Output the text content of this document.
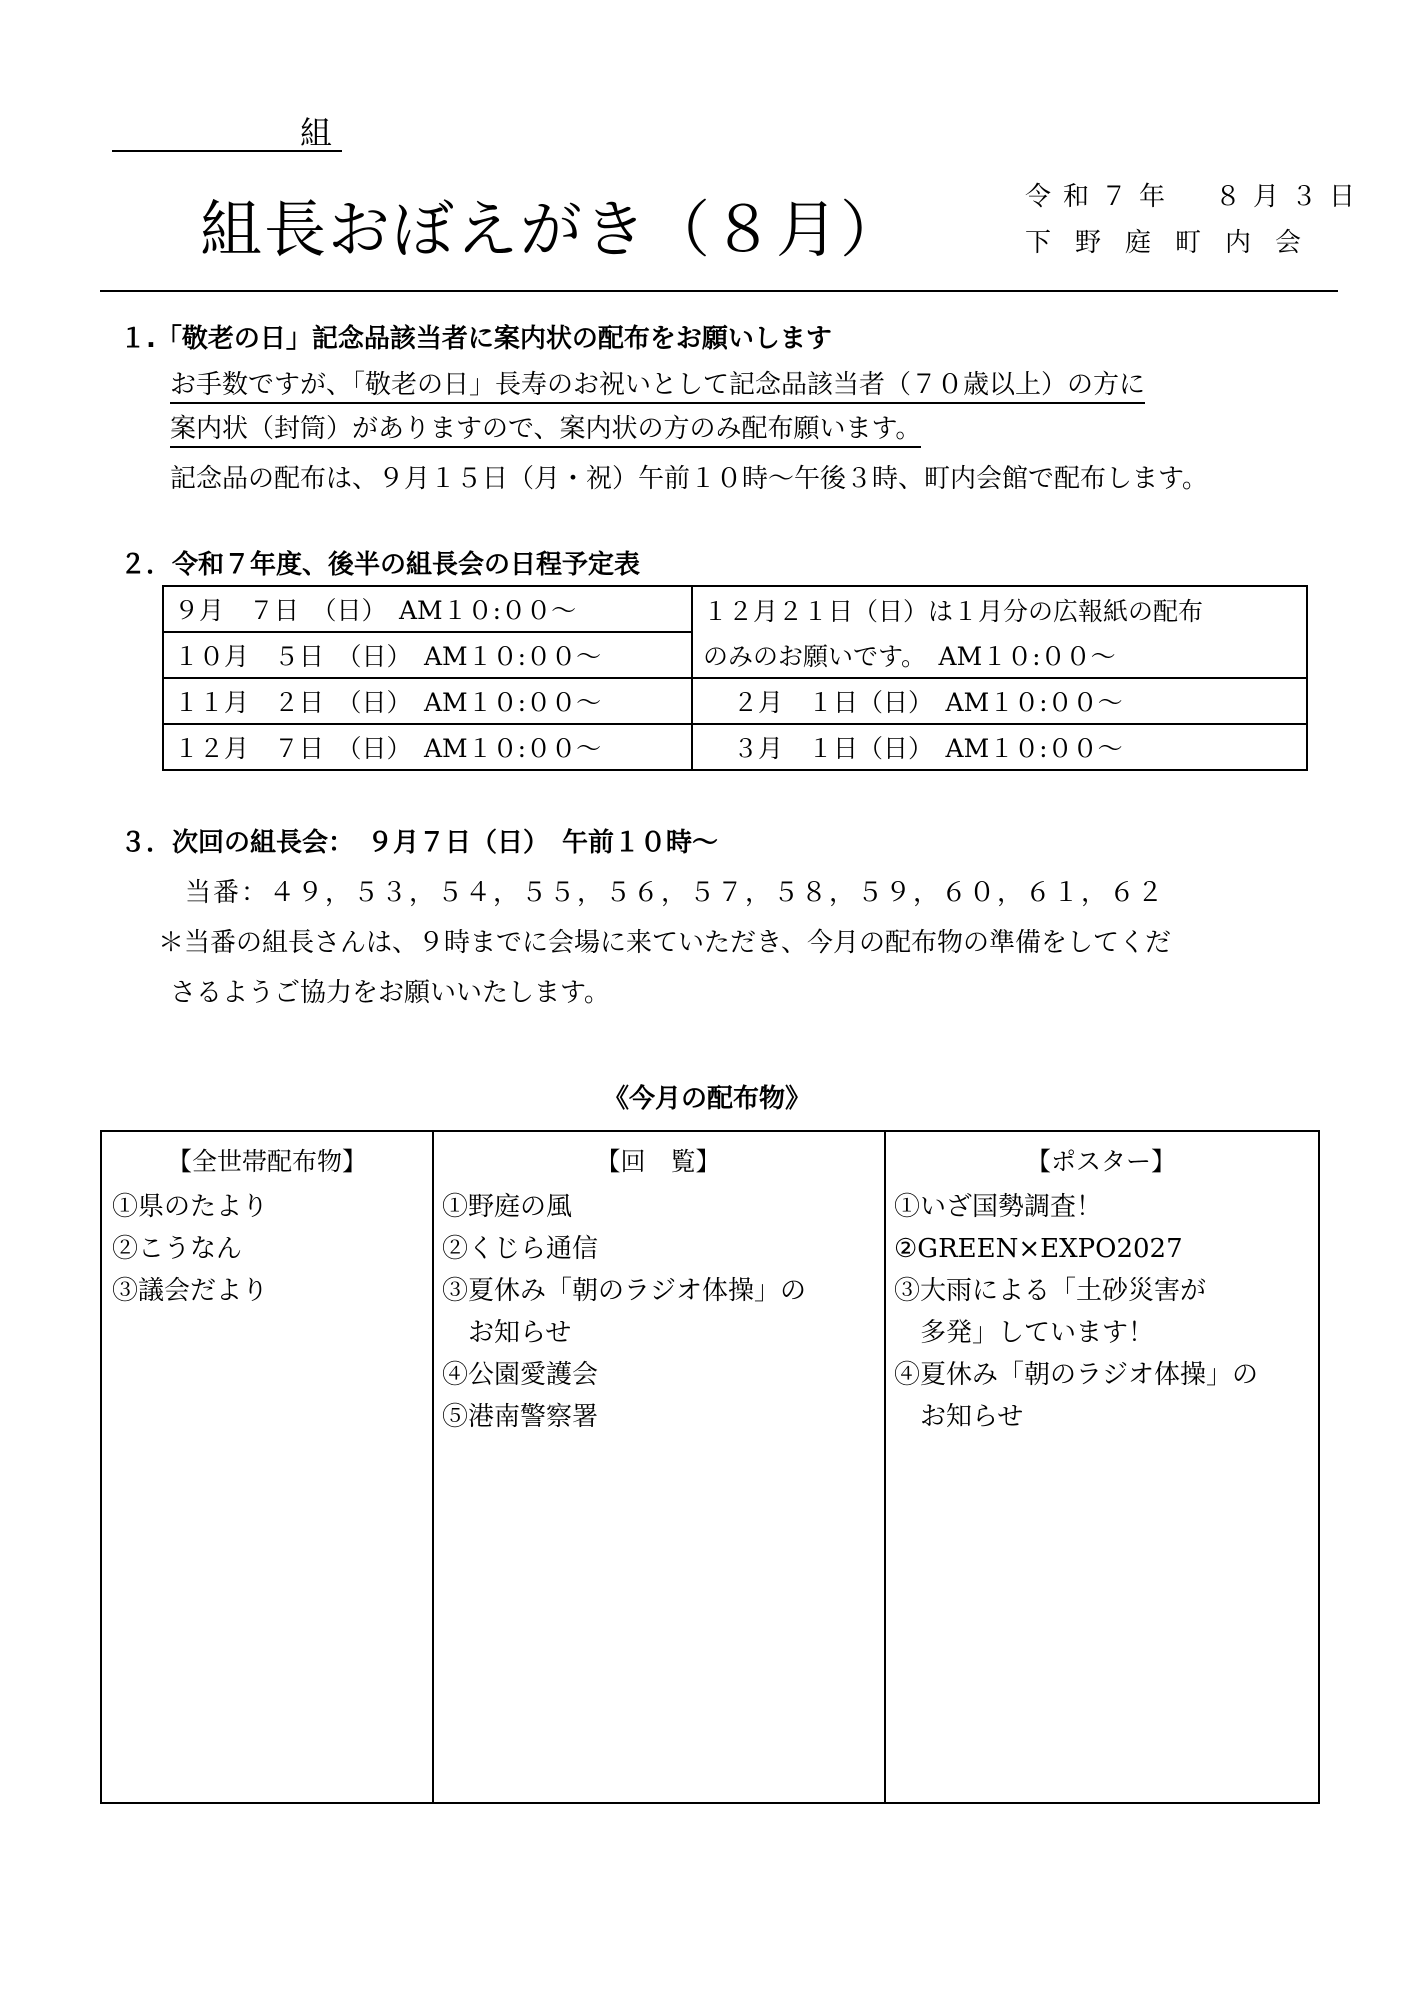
組
組長おぼえがき（８月）	令和７年　８月３日
下野庭町内会
１.「敬老の日」記念品該当者に案内状の配布をお願いします
お手数ですが、「敬老の日」長寿のお祝いとして記念品該当者（７０歳以上）の方に
案内状（封筒）がありますので、案内状の方のみ配布願います。
記念品の配布は、９月１５日（月・祝）午前１０時～午後３時、町内会館で配布します。
２．令和７年度、後半の組長会の日程予定表
９月　７日　（日）　AM１０:００～	１２月２１日（日）は１月分の広報紙の配布
１０月　５日　（日）　AM１０:００～	のみのお願いです。　AM１０:００～
１１月　２日　（日）　AM１０:００～	２月　１日（日）　AM１０:００～
１２月　７日　（日）　AM１０:００～	３月　１日（日）　AM１０:００～
３．次回の組長会：　９月７日（日）　午前１０時～
当番：４９，５３，５４，５５，５６，５７，５８，５９，６０，６１，６２
＊当番の組長さんは、９時までに会場に来ていただき、今月の配布物の準備をしてくだ
さるようご協力をお願いいたします。
《今月の配布物》
【全世帯配布物】
①県のたより
②こうなん
③議会だより
【回　覧】
①野庭の風
②くじら通信
③夏休み「朝のラジオ体操」の
　お知らせ
④公園愛護会
⑤港南警察署
【ポスター】
①いざ国勢調査！
②GREEN×EXPO2027
③大雨による「土砂災害が
　多発」しています！
④夏休み「朝のラジオ体操」の
　お知らせ
